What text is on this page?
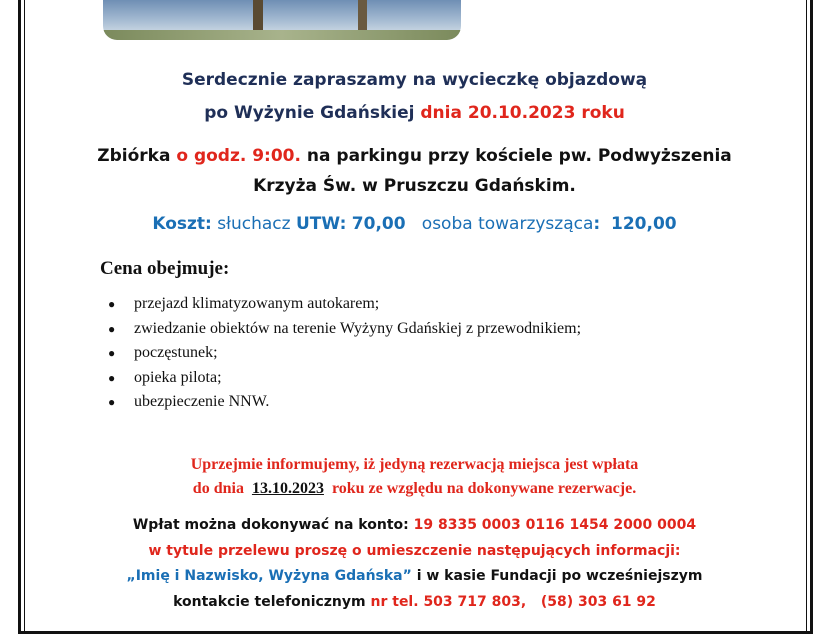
Serdecznie zapraszamy na wycieczkę objazdową
po Wyżynie Gdańskiej dnia 20.10.2023 roku
Zbiórka o godz. 9:00. na parkingu przy kościele pw. Podwyższenia
Krzyża Św. w Pruszczu Gdańskim.
Koszt: słuchacz UTW: 70,00 osoba towarzysząca: 120,00
Cena obejmuje:
● przejazd klimatyzowanym autokarem;
● zwiedzanie obiektów na terenie Wyżyny Gdańskiej z przewodnikiem;
● poczęstunek;
● opieka pilota;
● ubezpieczenie NNW.
Uprzejmie informujemy, iż jedyną rezerwacją miejsca jest wpłata
do dnia 13.10.2023 roku ze względu na dokonywane rezerwacje.
Wpłat można dokonywać na konto: 19 8335 0003 0116 1454 2000 0004
w tytule przelewu proszę o umieszczenie następujących informacji:
„Imię i Nazwisko, Wyżyna Gdańska” i w kasie Fundacji po wcześniejszym
kontakcie telefonicznym nr tel. 503 717 803, (58) 303 61 92
